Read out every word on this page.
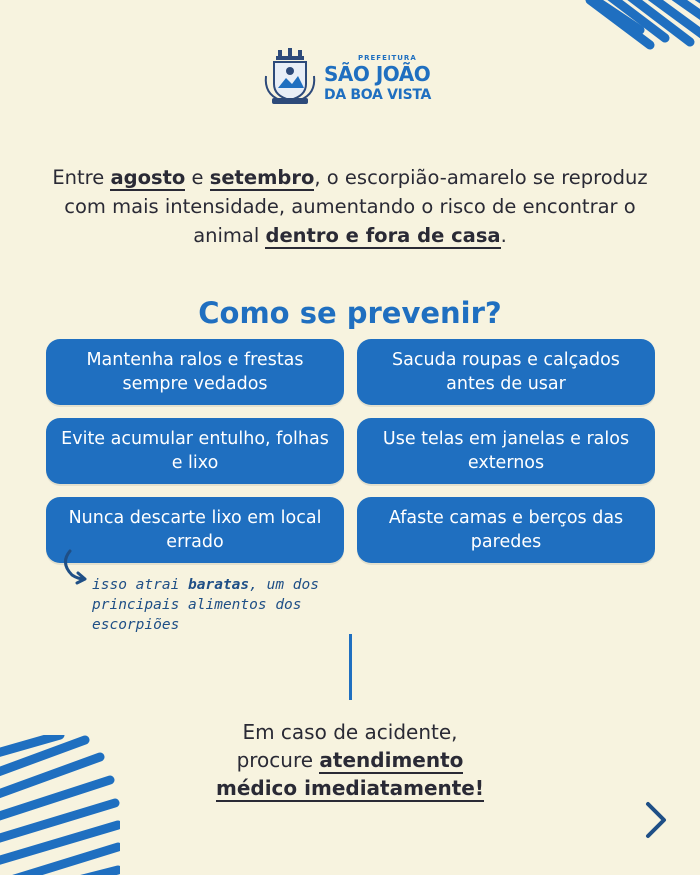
PREFEITURA
SÃO JOÃO
DA BOA VISTA

Entre agosto e setembro, o escorpião-amarelo se reproduz com mais intensidade, aumentando o risco de encontrar o animal dentro e fora de casa.

Como se prevenir?
Mantenha ralos e frestas sempre vedados
Sacuda roupas e calçados antes de usar
Evite acumular entulho, folhas e lixo
Use telas em janelas e ralos externos
Nunca descarte lixo em local errado
Afaste camas e berços das paredes

isso atrai baratas, um dos principais alimentos dos escorpiões

Em caso de acidente,
procure atendimento
médico imediatamente!
